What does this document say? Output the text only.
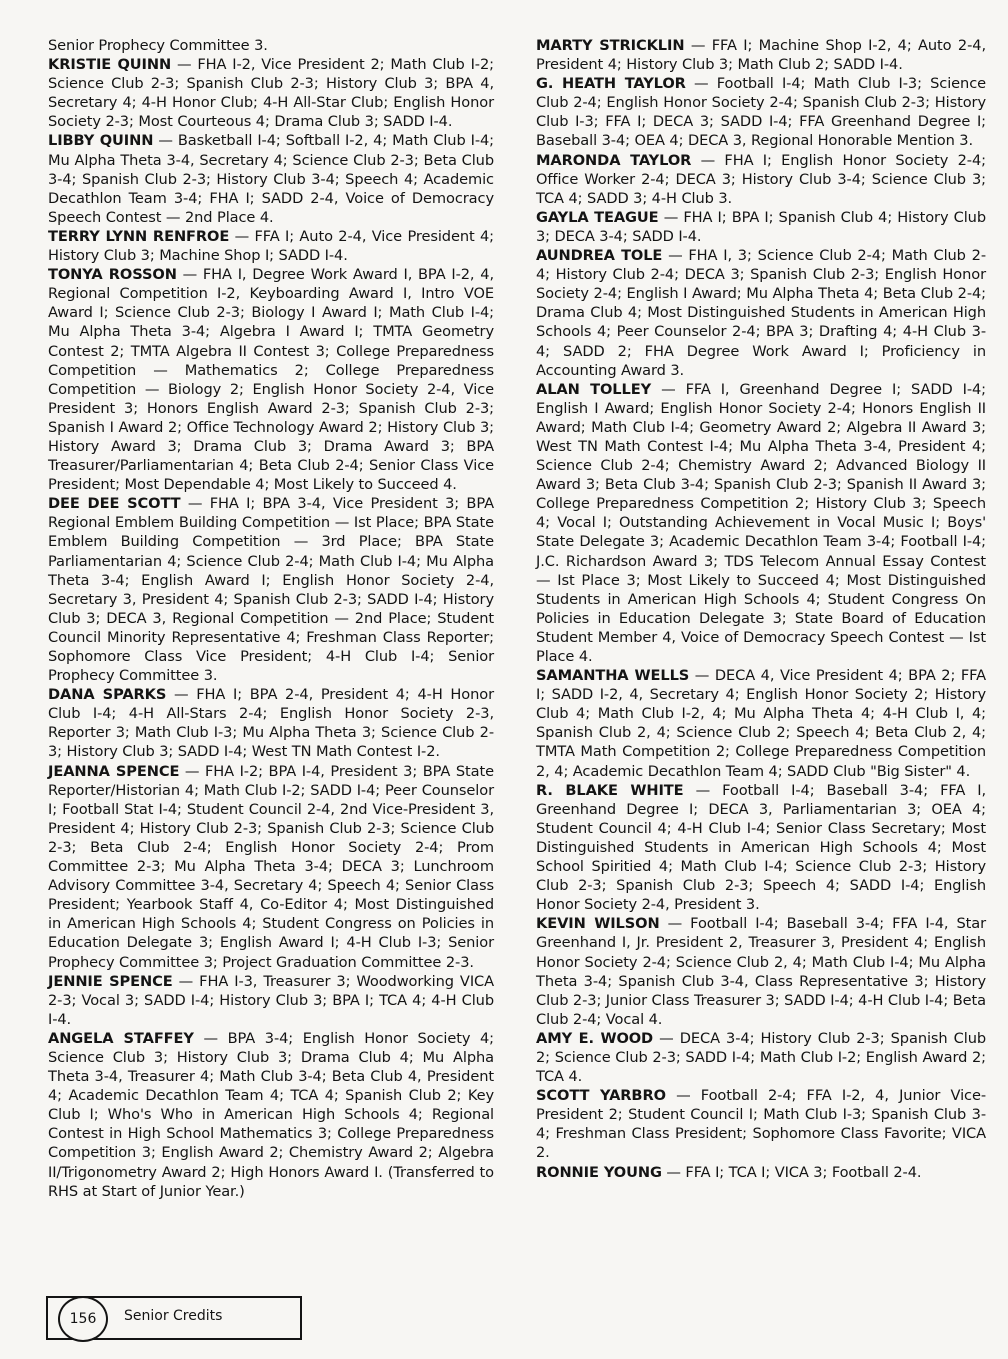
Senior Prophecy Committee 3.

KRISTIE QUINN — FHA I-2, Vice President 2; Math Club I-2; Science Club 2-3; Spanish Club 2-3; History Club 3; BPA 4, Secretary 4; 4-H Honor Club; 4-H All-Star Club; English Honor Society 2-3; Most Courteous 4; Drama Club 3; SADD I-4.

LIBBY QUINN — Basketball I-4; Softball I-2, 4; Math Club I-4; Mu Alpha Theta 3-4, Secretary 4; Science Club 2-3; Beta Club 3-4; Spanish Club 2-3; History Club 3-4; Speech 4; Academic Decathlon Team 3-4; FHA I; SADD 2-4, Voice of Democracy Speech Contest — 2nd Place 4.

TERRY LYNN RENFROE — FFA I; Auto 2-4, Vice President 4; History Club 3; Machine Shop I; SADD I-4.

TONYA ROSSON — FHA I, Degree Work Award I, BPA I-2, 4, Regional Competition I-2, Keyboarding Award I, Intro VOE Award I; Science Club 2-3; Biology I Award I; Math Club I-4; Mu Alpha Theta 3-4; Algebra I Award I; TMTA Geometry Contest 2; TMTA Algebra II Contest 3; College Preparedness Competition — Mathematics 2; College Preparedness Competition — Biology 2; English Honor Society 2-4, Vice President 3; Honors English Award 2-3; Spanish Club 2-3; Spanish I Award 2; Office Technology Award 2; History Club 3; History Award 3; Drama Club 3; Drama Award 3; BPA Treasurer/Parliamentarian 4; Beta Club 2-4; Senior Class Vice President; Most Dependable 4; Most Likely to Succeed 4.

DEE DEE SCOTT — FHA I; BPA 3-4, Vice President 3; BPA Regional Emblem Building Competition — Ist Place; BPA State Emblem Building Competition — 3rd Place; BPA State Parliamentarian 4; Science Club 2-4; Math Club I-4; Mu Alpha Theta 3-4; English Award I; English Honor Society 2-4, Secretary 3, President 4; Spanish Club 2-3; SADD I-4; History Club 3; DECA 3, Regional Competition — 2nd Place; Student Council Minority Representative 4; Freshman Class Reporter; Sophomore Class Vice President; 4-H Club I-4; Senior Prophecy Committee 3.

DANA SPARKS — FHA I; BPA 2-4, President 4; 4-H Honor Club I-4; 4-H All-Stars 2-4; English Honor Society 2-3, Reporter 3; Math Club I-3; Mu Alpha Theta 3; Science Club 2-3; History Club 3; SADD I-4; West TN Math Contest I-2.

JEANNA SPENCE — FHA I-2; BPA I-4, President 3; BPA State Reporter/Historian 4; Math Club I-2; SADD I-4; Peer Counselor I; Football Stat I-4; Student Council 2-4, 2nd Vice-President 3, President 4; History Club 2-3; Spanish Club 2-3; Science Club 2-3; Beta Club 2-4; English Honor Society 2-4; Prom Committee 2-3; Mu Alpha Theta 3-4; DECA 3; Lunchroom Advisory Committee 3-4, Secretary 4; Speech 4; Senior Class President; Yearbook Staff 4, Co-Editor 4; Most Distinguished in American High Schools 4; Student Congress on Policies in Education Delegate 3; English Award I; 4-H Club I-3; Senior Prophecy Committee 3; Project Graduation Committee 2-3.

JENNIE SPENCE — FHA I-3, Treasurer 3; Woodworking VICA 2-3; Vocal 3; SADD I-4; History Club 3; BPA I; TCA 4; 4-H Club I-4.

ANGELA STAFFEY — BPA 3-4; English Honor Society 4; Science Club 3; History Club 3; Drama Club 4; Mu Alpha Theta 3-4, Treasurer 4; Math Club 3-4; Beta Club 4, President 4; Academic Decathlon Team 4; TCA 4; Spanish Club 2; Key Club I; Who's Who in American High Schools 4; Regional Contest in High School Mathematics 3; College Preparedness Competition 3; English Award 2; Chemistry Award 2; Algebra II/Trigonometry Award 2; High Honors Award I. (Transferred to RHS at Start of Junior Year.)

MARTY STRICKLIN — FFA I; Machine Shop I-2, 4; Auto 2-4, President 4; History Club 3; Math Club 2; SADD I-4.

G. HEATH TAYLOR — Football I-4; Math Club I-3; Science Club 2-4; English Honor Society 2-4; Spanish Club 2-3; History Club I-3; FFA I; DECA 3; SADD I-4; FFA Greenhand Degree I; Baseball 3-4; OEA 4; DECA 3, Regional Honorable Mention 3.

MARONDA TAYLOR — FHA I; English Honor Society 2-4; Office Worker 2-4; DECA 3; History Club 3-4; Science Club 3; TCA 4; SADD 3; 4-H Club 3.

GAYLA TEAGUE — FHA I; BPA I; Spanish Club 4; History Club 3; DECA 3-4; SADD I-4.

AUNDREA TOLE — FHA I, 3; Science Club 2-4; Math Club 2-4; History Club 2-4; DECA 3; Spanish Club 2-3; English Honor Society 2-4; English I Award; Mu Alpha Theta 4; Beta Club 2-4; Drama Club 4; Most Distinguished Students in American High Schools 4; Peer Counselor 2-4; BPA 3; Drafting 4; 4-H Club 3-4; SADD 2; FHA Degree Work Award I; Proficiency in Accounting Award 3.

ALAN TOLLEY — FFA I, Greenhand Degree I; SADD I-4; English I Award; English Honor Society 2-4; Honors English II Award; Math Club I-4; Geometry Award 2; Algebra II Award 3; West TN Math Contest I-4; Mu Alpha Theta 3-4, President 4; Science Club 2-4; Chemistry Award 2; Advanced Biology II Award 3; Beta Club 3-4; Spanish Club 2-3; Spanish II Award 3; College Preparedness Competition 2; History Club 3; Speech 4; Vocal I; Outstanding Achievement in Vocal Music I; Boys' State Delegate 3; Academic Decathlon Team 3-4; Football I-4; J.C. Richardson Award 3; TDS Telecom Annual Essay Contest — Ist Place 3; Most Likely to Succeed 4; Most Distinguished Students in American High Schools 4; Student Congress On Policies in Education Delegate 3; State Board of Education Student Member 4, Voice of Democracy Speech Contest — Ist Place 4.

SAMANTHA WELLS — DECA 4, Vice President 4; BPA 2; FFA I; SADD I-2, 4, Secretary 4; English Honor Society 2; History Club 4; Math Club I-2, 4; Mu Alpha Theta 4; 4-H Club I, 4; Spanish Club 2, 4; Science Club 2; Speech 4; Beta Club 2, 4; TMTA Math Competition 2; College Preparedness Competition 2, 4; Academic Decathlon Team 4; SADD Club "Big Sister" 4.

R. BLAKE WHITE — Football I-4; Baseball 3-4; FFA I, Greenhand Degree I; DECA 3, Parliamentarian 3; OEA 4; Student Council 4; 4-H Club I-4; Senior Class Secretary; Most Distinguished Students in American High Schools 4; Most School Spiritied 4; Math Club I-4; Science Club 2-3; History Club 2-3; Spanish Club 2-3; Speech 4; SADD I-4; English Honor Society 2-4, President 3.

KEVIN WILSON — Football I-4; Baseball 3-4; FFA I-4, Star Greenhand I, Jr. President 2, Treasurer 3, President 4; English Honor Society 2-4; Science Club 2, 4; Math Club I-4; Mu Alpha Theta 3-4; Spanish Club 3-4, Class Representative 3; History Club 2-3; Junior Class Treasurer 3; SADD I-4; 4-H Club I-4; Beta Club 2-4; Vocal 4.

AMY E. WOOD — DECA 3-4; History Club 2-3; Spanish Club 2; Science Club 2-3; SADD I-4; Math Club I-2; English Award 2; TCA 4.

SCOTT YARBRO — Football 2-4; FFA I-2, 4, Junior Vice-President 2; Student Council I; Math Club I-3; Spanish Club 3-4; Freshman Class President; Sophomore Class Favorite; VICA 2.

RONNIE YOUNG — FFA I; TCA I; VICA 3; Football 2-4.

156	Senior Credits
